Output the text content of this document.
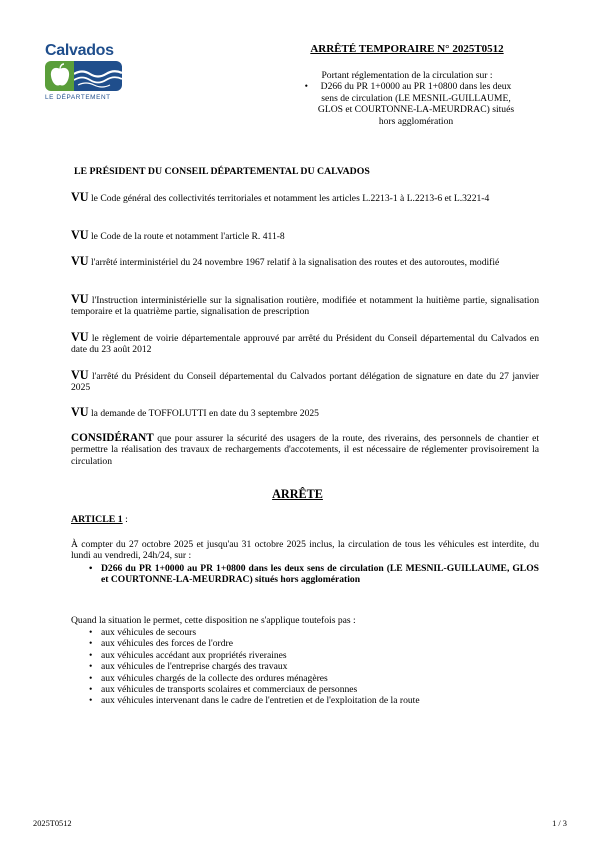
Calvados
LE DÉPARTEMENT
ARRÊTÉ TEMPORAIRE N° 2025T0512
Portant réglementation de la circulation sur :
•	D266 du PR 1+0000 au PR 1+0800 dans les deux sens de circulation (LE MESNIL-GUILLAUME, GLOS et COURTONNE-LA-MEURDRAC) situés hors agglomération
LE PRÉSIDENT DU CONSEIL DÉPARTEMENTAL DU CALVADOS

VU le Code général des collectivités territoriales et notamment les articles L.2213-1 à L.2213-6 et L.3221-4

VU le Code de la route et notamment l'article R. 411-8

VU l'arrêté interministériel du 24 novembre 1967 relatif à la signalisation des routes et des autoroutes, modifié

VU l'Instruction interministérielle sur la signalisation routière, modifiée et notamment la huitième partie, signalisation temporaire et la quatrième partie, signalisation de prescription

VU le règlement de voirie départementale approuvé par arrêté du Président du Conseil départemental du Calvados en date du 23 août 2012

VU l'arrêté du Président du Conseil départemental du Calvados portant délégation de signature en date du 27 janvier 2025

VU la demande de TOFFOLUTTI en date du 3 septembre 2025

CONSIDÉRANT que pour assurer la sécurité des usagers de la route, des riverains, des personnels de chantier et permettre la réalisation des travaux de rechargements d'accotements, il est nécessaire de réglementer provisoirement la circulation

ARRÊTE
ARTICLE 1 :

À compter du 27 octobre 2025 et jusqu'au 31 octobre 2025 inclus, la circulation de tous les véhicules est interdite, du lundi au vendredi, 24h/24, sur :

• D266 du PR 1+0000 au PR 1+0800 dans les deux sens de circulation (LE MESNIL-GUILLAUME, GLOS et COURTONNE-LA-MEURDRAC) situés hors agglomération

Quand la situation le permet, cette disposition ne s'applique toutefois pas :

• aux véhicules de secours
• aux véhicules des forces de l'ordre
• aux véhicules accédant aux propriétés riveraines
• aux véhicules de l'entreprise chargés des travaux
• aux véhicules chargés de la collecte des ordures ménagères
• aux véhicules de transports scolaires et commerciaux de personnes
• aux véhicules intervenant dans le cadre de l'entretien et de l'exploitation de la route
2025T0512	1 / 3
